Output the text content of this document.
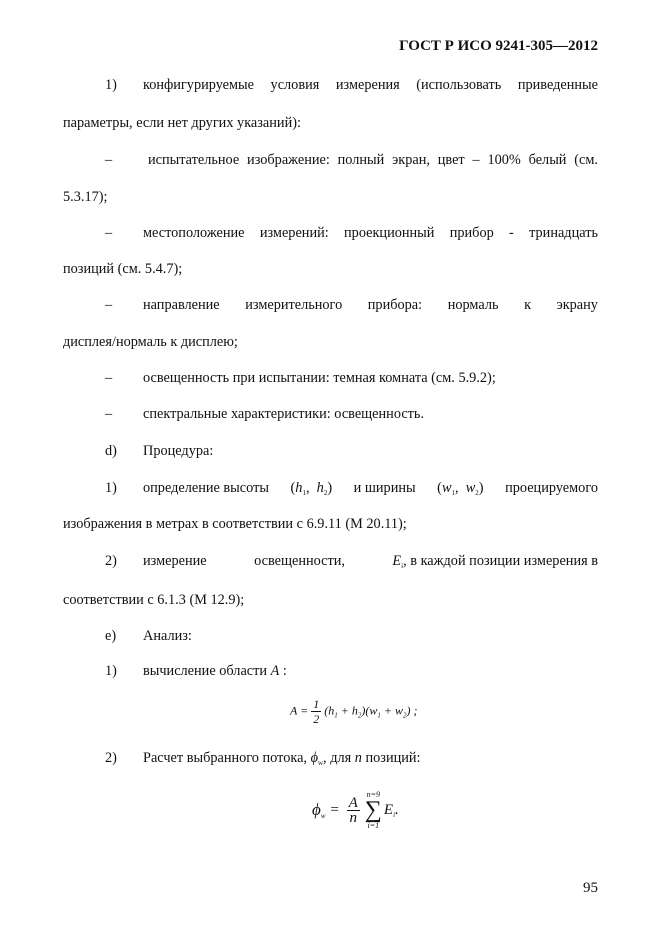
ГОСТ Р ИСО 9241-305—2012
1) конфигурируемые условия измерения (использовать приведенные
параметры, если нет других указаний):
–	испытательное изображение: полный экран, цвет – 100% белый (см.
5.3.17);
– местоположение измерений: проекционный прибор - тринадцать
позиций (см. 5.4.7);
– направление измерительного прибора: нормаль к экрану
дисплея/нормаль к дисплею;
– освещенность при испытании: темная комната (см. 5.9.2);
– спектральные характеристики: освещенность.
d) Процедура:
1) определение высоты ($h_1$, $h_2$) и ширины ($w_1$, $w_2$) проецируемого
изображения в метрах в соответствии с 6.9.11 (М 20.11);
2) измерение	освещенности,	$E_i$, в каждой позиции измерения в
соответствии с 6.1.3 (М 12.9);
e) Анализ:
1) вычисление области A :
$A = \frac{1}{2} (h_1 + h_2)(w_1 + w_2)$ ;
2) Расчет выбранного потока, $\phi_w$, для n позиций:
$\phi_w = \frac{A}{n}$
n=9
∑
i=1
$E_i$.
95
